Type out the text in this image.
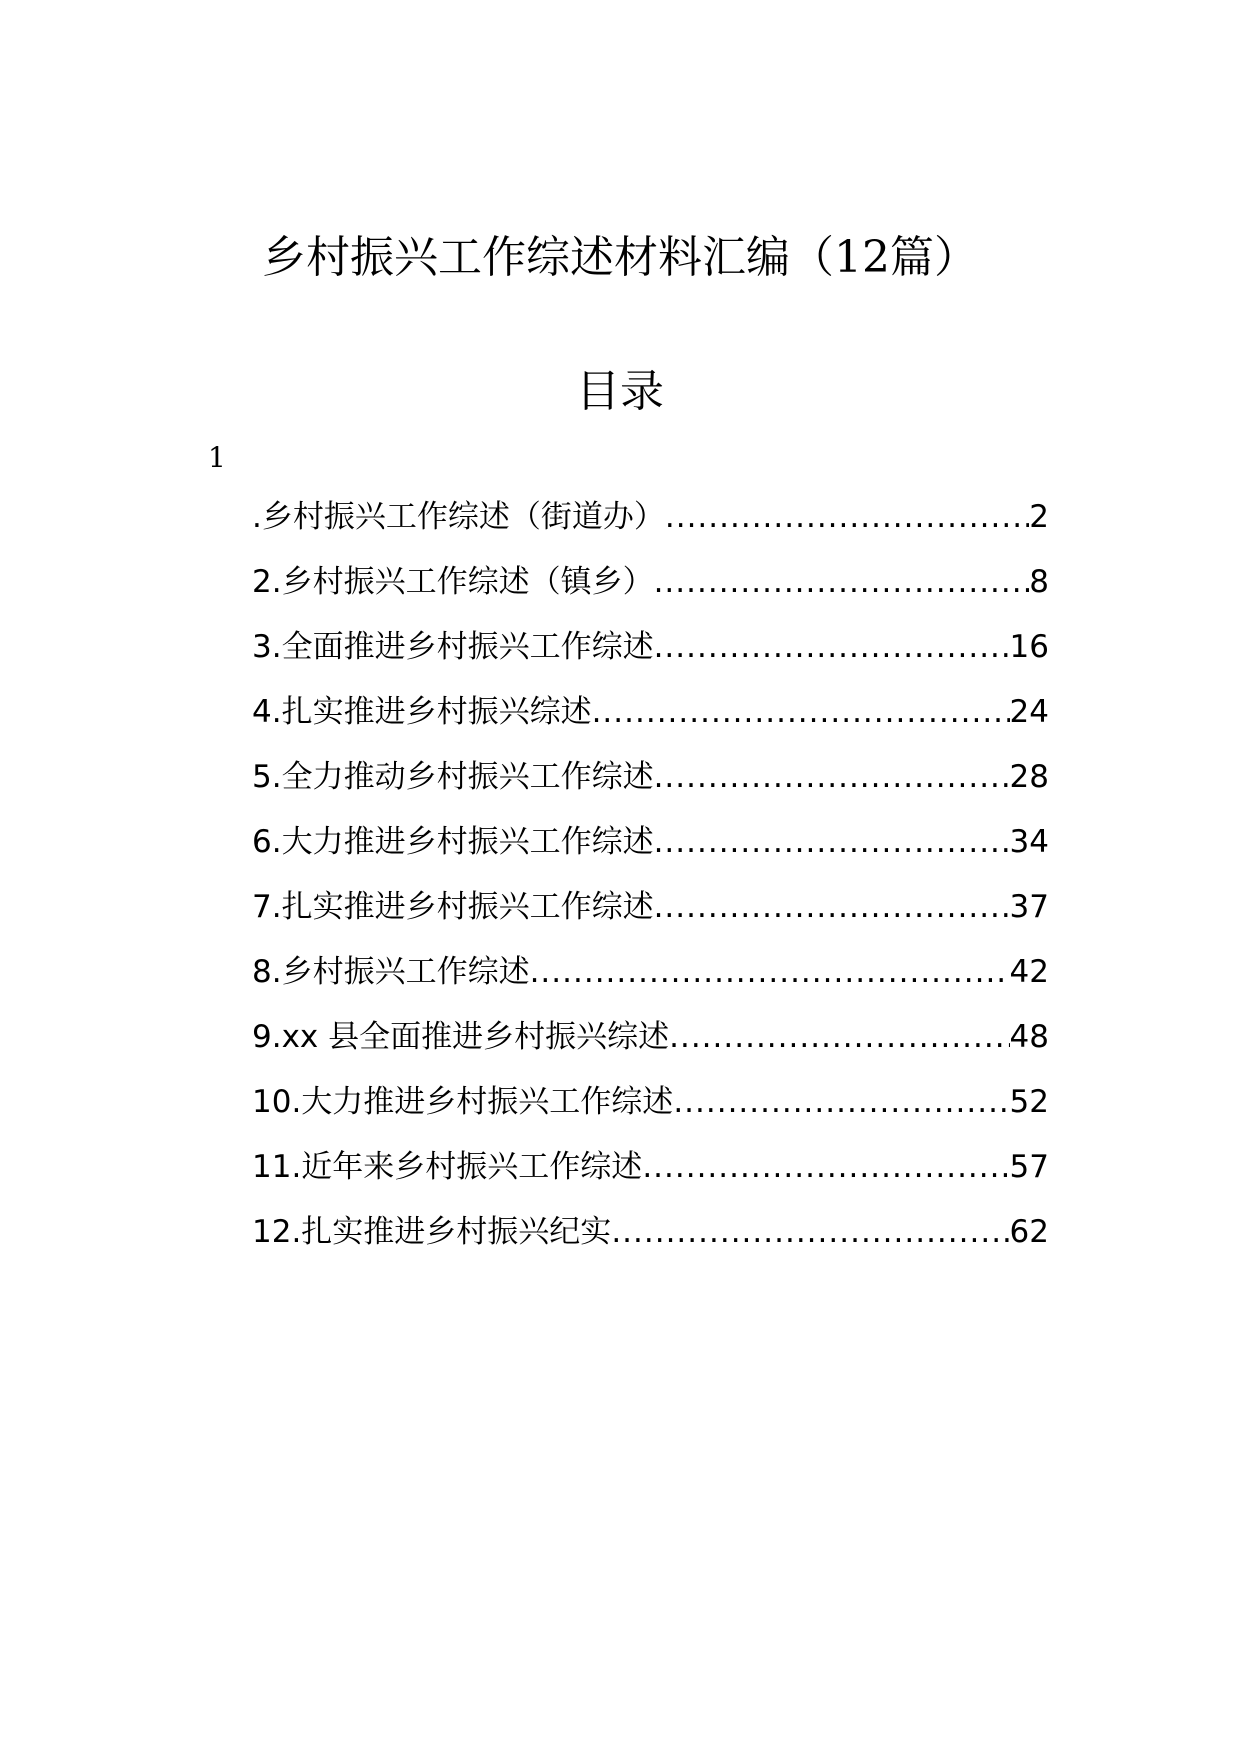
乡村振兴工作综述材料汇编（12篇）
目录
1
.乡村振兴工作综述（街道办） .....	2
2.乡村振兴工作综述（镇乡） .....	8
3.全面推进乡村振兴工作综述 .....	16
4.扎实推进乡村振兴综述 .....	24
5.全力推动乡村振兴工作综述 .....	28
6.大力推进乡村振兴工作综述 .....	34
7.扎实推进乡村振兴工作综述 .....	37
8.乡村振兴工作综述 .....	42
9.xx 县全面推进乡村振兴综述 .....	48
10.大力推进乡村振兴工作综述 .....	52
11.近年来乡村振兴工作综述 .....	57
12.扎实推进乡村振兴纪实 .....	62
